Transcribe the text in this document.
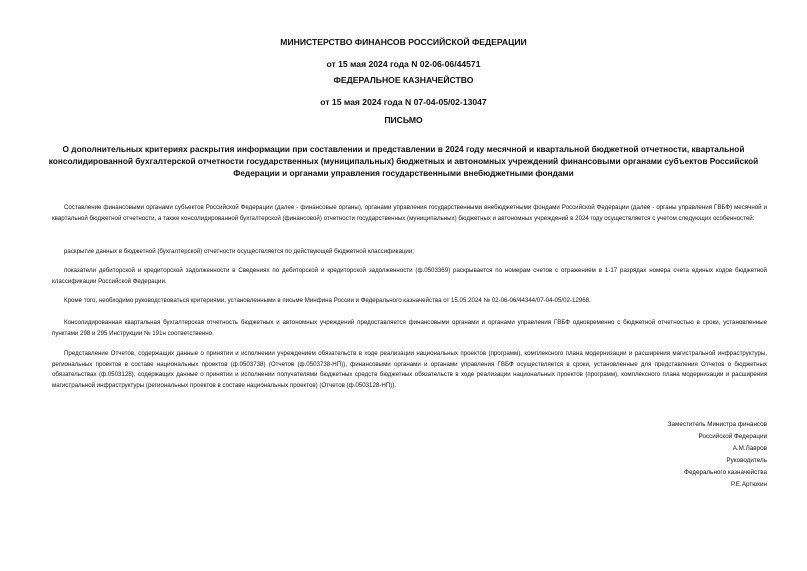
МИНИСТЕРСТВО ФИНАНСОВ РОССИЙСКОЙ ФЕДЕРАЦИИ
от 15 мая 2024 года N 02-06-06/44571
ФЕДЕРАЛЬНОЕ КАЗНАЧЕЙСТВО
от 15 мая 2024 года N 07-04-05/02-13047
ПИСЬМО
О дополнительных критериях раскрытия информации при составлении и представлении в 2024 году месячной и квартальной бюджетной отчетности, квартальной консолидированной бухгалтерской отчетности государственных (муниципальных) бюджетных и автономных учреждений финансовыми органами субъектов Российской Федерации и органами управления государственными внебюджетными фондами
Составление финансовыми органами субъектов Российской Федерации (далее - финансовые органы), органами управления государственными внебюджетными фондами Российской Федерации (далее - органы управления ГВБФ) месячной и квартальной бюджетной отчетности, а также консолидированной бухгалтерской (финансовой) отчетности государственных (муниципальных) бюджетных и автономных учреждений в 2024 году осуществляется с учетом следующих особенностей:
раскрытие данных в бюджетной (бухгалтерской) отчетности осуществляется по действующей бюджетной классификации;
показатели дебиторской и кредиторской задолженности в Сведениях по дебиторской и кредиторской задолженности (ф.0503369) раскрывается по номерам счетов с отражением в 1-17 разрядах номера счета единых кодов бюджетной классификации Российской Федерации.
Кроме того, необходимо руководствоваться критериями, установленными в письме Минфина России и Федерального казначейства от 15.05.2024 № 02-06-06/44344/07-04-05/02-12968.
Консолидированная квартальная бухгалтерская отчетность бюджетных и автономных учреждений предоставляется финансовыми органами и органами управления ГВБФ одновременно с бюджетной отчетностью в сроки, установленные пунктами 298 и 295 Инструкции № 191н соответственно.
Представление Отчетов, содержащих данные о принятии и исполнении учреждением обязательств в ходе реализации национальных проектов (программ), комплексного плана модернизации и расширения магистральной инфраструктуры, региональных проектов в составе национальных проектов (ф.0503738) (Отчетов (ф.0503738-НП)), финансовыми органами и органами управления ГВБФ осуществляется в сроки, установленные для представления Отчетов о бюджетных обязательствах (ф.0503128), содержащих данные о принятии и исполнении получателями бюджетных средств бюджетных обязательств в ходе реализации национальных проектов (программ), комплексного плана модернизации и расширения магистральной инфраструктуры (региональных проектов в составе национальных проектов) (Отчетов (ф.0503128-НП)).
Заместитель Министра финансов
Российской Федерации
А.М.Лавров
Руководитель
Федерального казначейства
Р.Е.Артюхин
